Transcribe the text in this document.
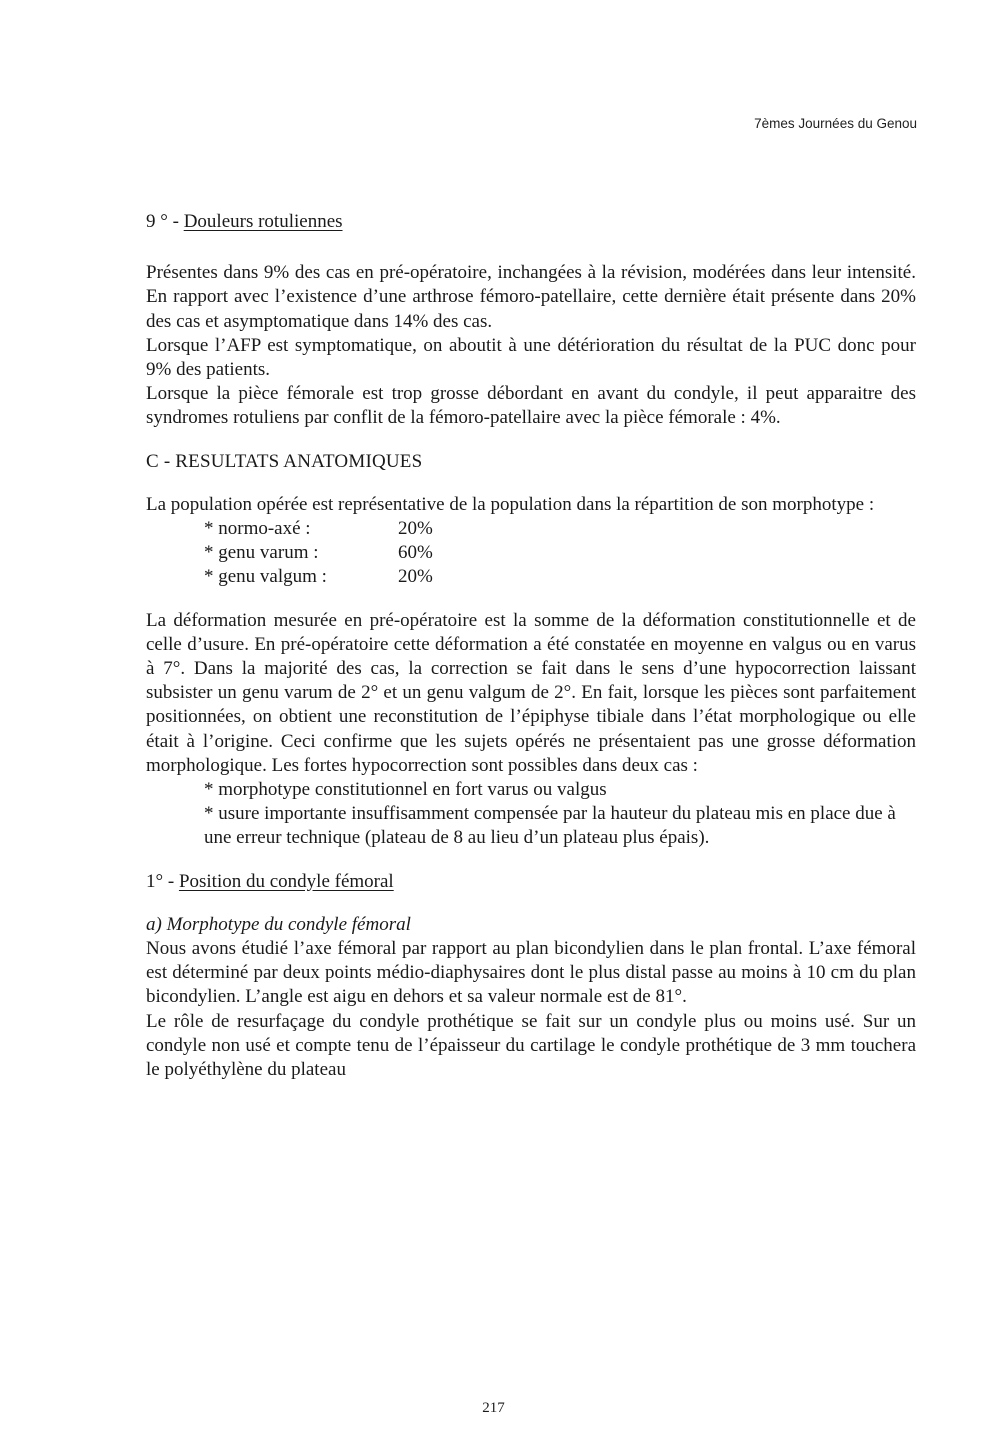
7èmes Journées du Genou

9 ° - Douleurs rotuliennes

Présentes dans 9% des cas en pré-opératoire, inchangées à la révision, modérées dans leur intensité. En rapport avec l’existence d’une arthrose fémoro-patellaire, cette dernière était présente dans 20% des cas et asymptomatique dans 14% des cas.

Lorsque l’AFP est symptomatique, on aboutit à une détérioration du résultat de la PUC donc pour 9% des patients.

Lorsque la pièce fémorale est trop grosse débordant en avant du condyle, il peut apparaitre des syndromes rotuliens par conflit de la fémoro-patellaire avec la pièce fémorale : 4%.

C - RESULTATS ANATOMIQUES

La population opérée est représentative de la population dans la répartition de son morphotype :

* normo-axé :	20%
* genu varum :	60%
* genu valgum :	20%

La déformation mesurée en pré-opératoire est la somme de la déformation constitutionnelle et de celle d’usure. En pré-opératoire cette déformation a été constatée en moyenne en valgus ou en varus à 7°. Dans la majorité des cas, la correction se fait dans le sens d’une hypocorrection laissant subsister un genu varum de 2° et un genu valgum de 2°. En fait, lorsque les pièces sont parfaitement positionnées, on obtient une reconstitution de l’épiphyse tibiale dans l’état morphologique ou elle était à l’origine. Ceci confirme que les sujets opérés ne présentaient pas une grosse déformation morphologique. Les fortes hypocorrection sont possibles dans deux cas :

* morphotype constitutionnel en fort varus ou valgus

* usure importante insuffisamment compensée par la hauteur du plateau mis en place due à une erreur technique (plateau de 8 au lieu d’un plateau plus épais).

1° - Position du condyle fémoral

a) Morphotype du condyle fémoral

Nous avons étudié l’axe fémoral par rapport au plan bicondylien dans le plan frontal. L’axe fémoral est déterminé par deux points médio-diaphysaires dont le plus distal passe au moins à 10 cm du plan bicondylien. L’angle est aigu en dehors et sa valeur normale est de 81°.

Le rôle de resurfaçage du condyle prothétique se fait sur un condyle plus ou moins usé. Sur un condyle non usé et compte tenu de l’épaisseur du cartilage le condyle prothétique de 3 mm touchera le polyéthylène du plateau

217
